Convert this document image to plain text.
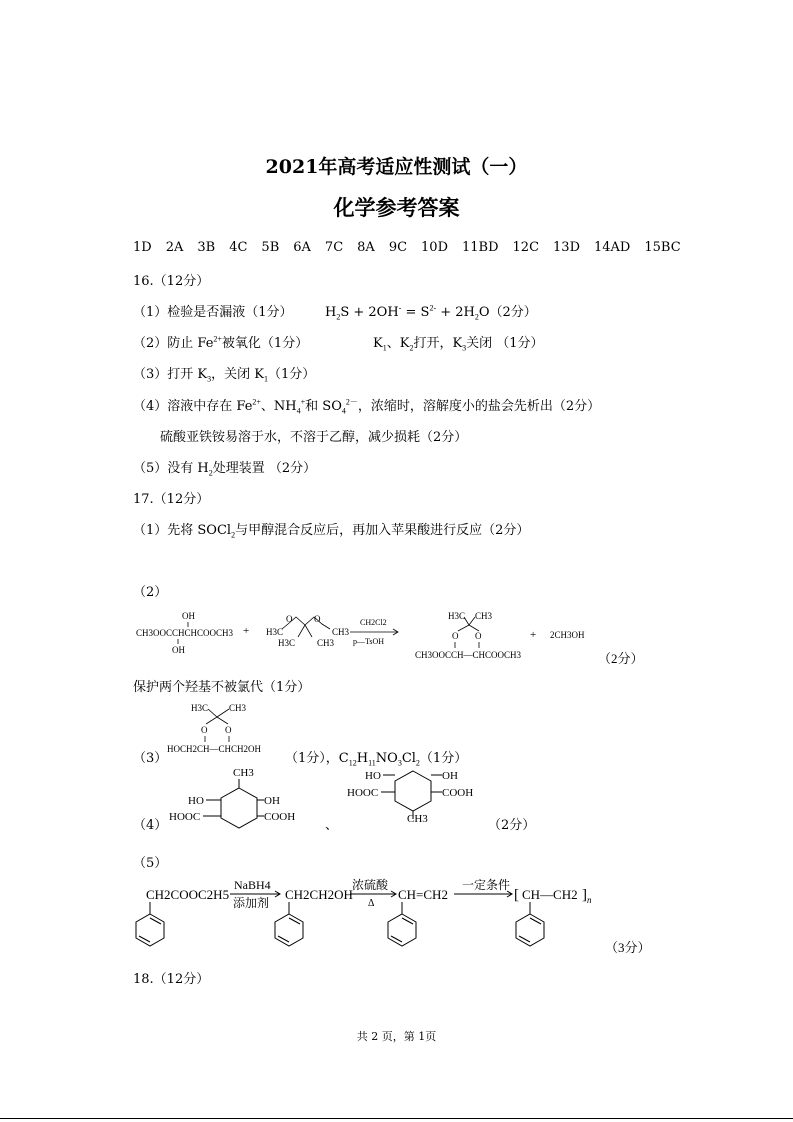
2021年高考适应性测试（一）
化学参考答案
1D 2A 3B 4C 5B 6A 7C 8A 9C 10D 11BD 12C 13D 14AD 15BC
16.（12分）
（1）检验是否漏液（1分） $H_2S + 2OH^- = S^{2-} + 2H_2O(2$分）
（2）防止 $Fe^{2+}$被氧化（1分）	$K_1$、$K_2$打开，$K_3$关闭 （1分）
（3）打开 $K_3$，关闭 $K_1(1$分）
（4）溶液中存在 $Fe^{2+}$、$NH_4^+$和 $SO_4^{2-}$，浓缩时，溶解度小的盐会先析出（2分）
硫酸亚铁铵易溶于水，不溶于乙醇，减少损耗（2分）
（5）没有 $H_2$处理装置 （2分）
17.（12分）
（1）先将 SOCl$_2$与甲醇混合反应后，再加入苹果酸进行反应（2分）
（2）
OH
CH3OOCCHCHCOOCH3
OH
+ H3C	CH3
O O
H3C CH3
CH2Cl2
p—TsOH
H3C CH3
O O
CH3OOCCH—CHCOOCH3
+ 2CH3OH
（2分）
保护两个羟基不被氯代（1分）
H3C CH3
O O
HOCH2CH—CHCH2OH
（3）	（1分），$C_{12}H_{11}NO_3Cl_2(1$分）
（4）
CH3
HO	OH
HOOC	COOH
、
HO	OH
HOOC	COOH
CH3	（2分）
（5）
CH2COOC2H5
NaBH4
添加剂
CH2CH2OH
浓硫酸
Δ
CH=CH2
一定条件
[ CH—CH2 ] n
（3分）
18.（12分）
共 2 页，第 1页
